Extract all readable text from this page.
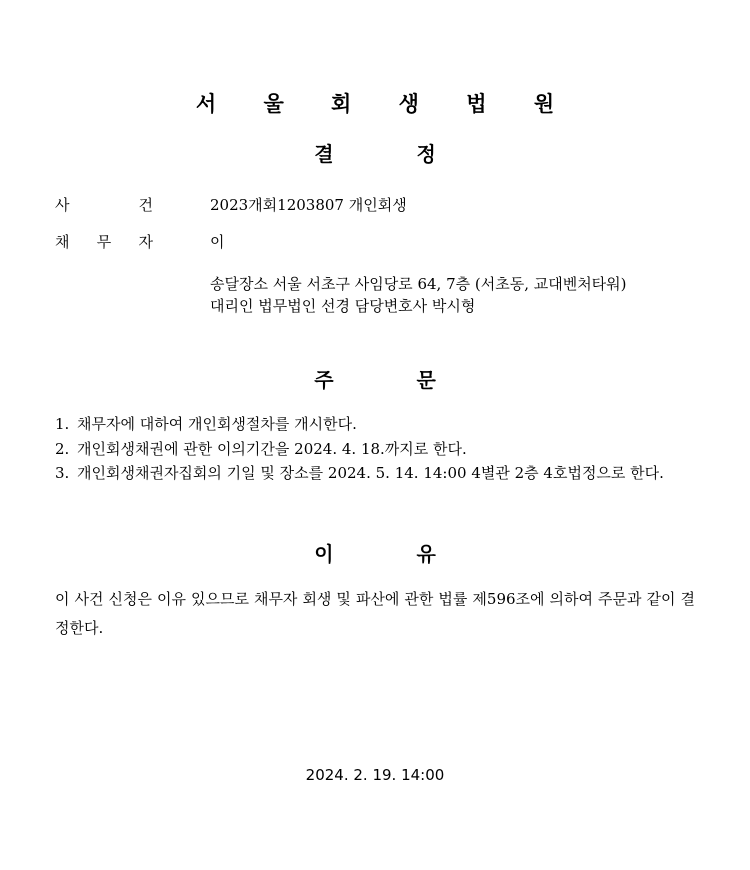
서 울 회 생 법 원
결 정
사 건	2023개회1203807 개인회생
채 무 자	이
송달장소 서울 서초구 사임당로 64, 7층 (서초동, 교대벤처타워)
대리인 법무법인 선경 담당변호사 박시형
주 문
1. 채무자에 대하여 개인회생절차를 개시한다.
2. 개인회생채권에 관한 이의기간을 2024. 4. 18.까지로 한다.
3. 개인회생채권자집회의 기일 및 장소를 2024. 5. 14. 14:00 4별관 2층 4호법정으로 한다.
이 유

이 사건 신청은 이유 있으므로 채무자 회생 및 파산에 관한 법률 제596조에 의하여 주문과 같이 결정한다.

2024. 2. 19. 14:00
